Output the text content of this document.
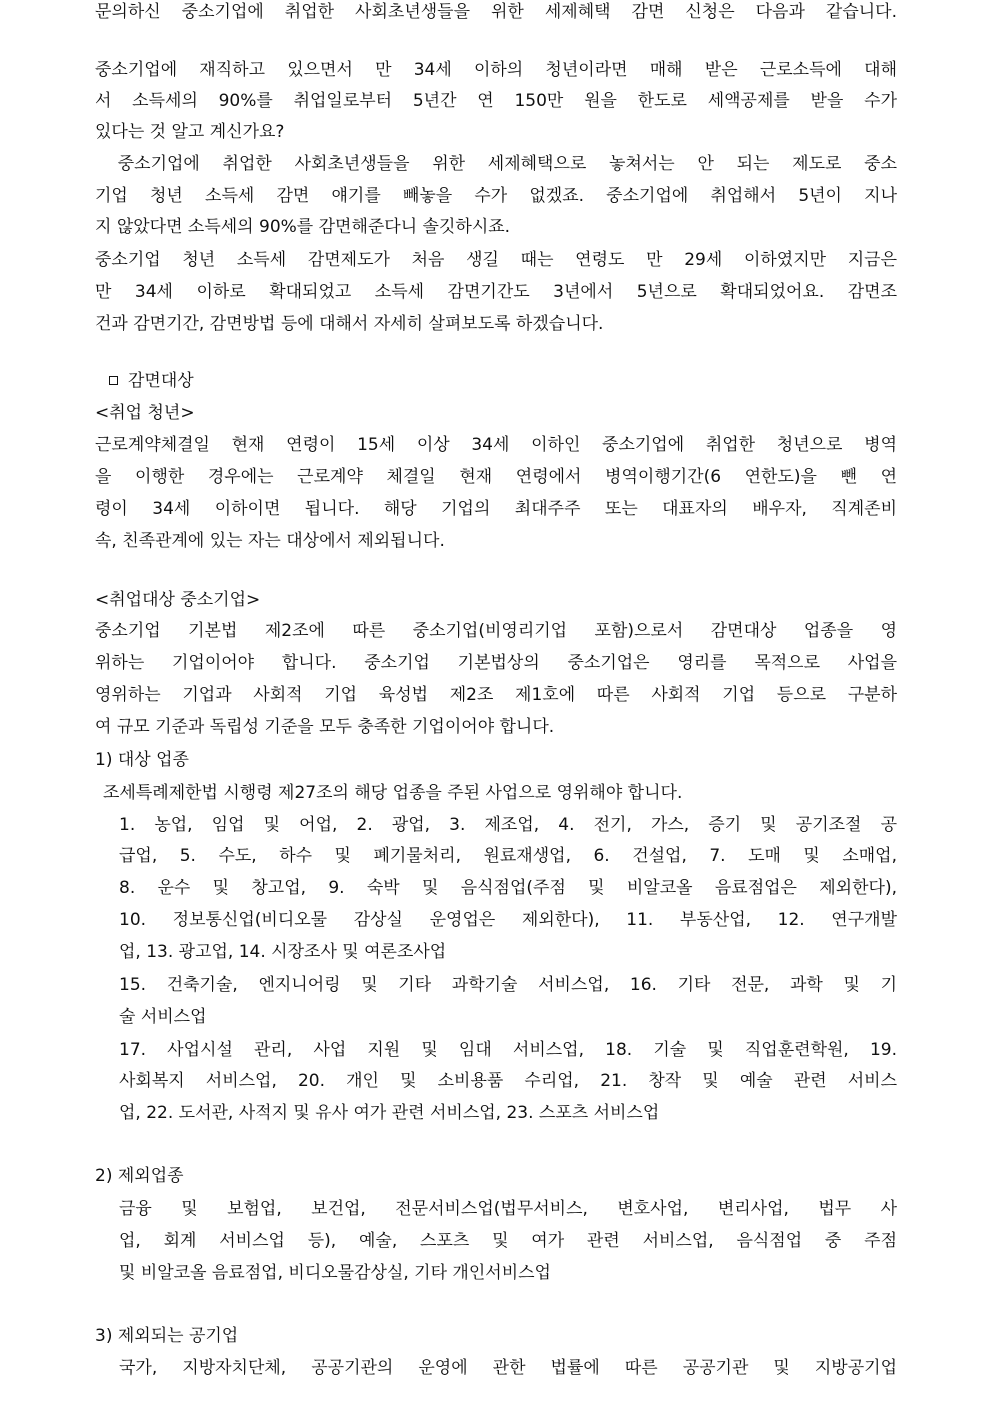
문의하신 중소기업에 취업한 사회초년생들을 위한 세제혜택 감면 신청은 다음과 같습니다.
중소기업에 재직하고 있으면서 만 34세 이하의 청년이라면 매해 받은 근로소득에 대해
서 소득세의 90%를 취업일로부터 5년간 연 150만 원을 한도로 세액공제를 받을 수가
있다는 것 알고 계신가요?
중소기업에 취업한 사회초년생들을 위한 세제혜택으로 놓쳐서는 안 되는 제도로 중소
기업 청년 소득세 감면 얘기를 빼놓을 수가 없겠죠. 중소기업에 취업해서 5년이 지나
지 않았다면 소득세의 90%를 감면해준다니 솔깃하시죠.
중소기업 청년 소득세 감면제도가 처음 생길 때는 연령도 만 29세 이하였지만 지금은
만 34세 이하로 확대되었고 소득세 감면기간도 3년에서 5년으로 확대되었어요. 감면조
건과 감면기간, 감면방법 등에 대해서 자세히 살펴보도록 하겠습니다.
감면대상
<취업 청년>
근로계약체결일 현재 연령이 15세 이상 34세 이하인 중소기업에 취업한 청년으로 병역
을 이행한 경우에는 근로계약 체결일 현재 연령에서 병역이행기간(6 연한도)을 뺀 연
령이 34세 이하이면 됩니다. 해당 기업의 최대주주 또는 대표자의 배우자, 직계존비
속, 친족관계에 있는 자는 대상에서 제외됩니다.
<취업대상 중소기업>
중소기업 기본법 제2조에 따른 중소기업(비영리기업 포함)으로서 감면대상 업종을 영
위하는 기업이어야 합니다. 중소기업 기본법상의 중소기업은 영리를 목적으로 사업을
영위하는 기업과 사회적 기업 육성법 제2조 제1호에 따른 사회적 기업 등으로 구분하
여 규모 기준과 독립성 기준을 모두 충족한 기업이어야 합니다.
1) 대상 업종
조세특례제한법 시행령 제27조의 해당 업종을 주된 사업으로 영위해야 합니다.
1. 농업, 임업 및 어업, 2. 광업, 3. 제조업, 4. 전기, 가스, 증기 및 공기조절 공
급업, 5. 수도, 하수 및 폐기물처리, 원료재생업, 6. 건설업, 7. 도매 및 소매업,
8. 운수 및 창고업, 9. 숙박 및 음식점업(주점 및 비알코올 음료점업은 제외한다),
10. 정보통신업(비디오물 감상실 운영업은 제외한다), 11. 부동산업, 12. 연구개발
업, 13. 광고업, 14. 시장조사 및 여론조사업
15. 건축기술, 엔지니어링 및 기타 과학기술 서비스업, 16. 기타 전문, 과학 및 기
술 서비스업
17. 사업시설 관리, 사업 지원 및 임대 서비스업, 18. 기술 및 직업훈련학원, 19.
사회복지 서비스업, 20. 개인 및 소비용품 수리업, 21. 창작 및 예술 관련 서비스
업, 22. 도서관, 사적지 및 유사 여가 관련 서비스업, 23. 스포츠 서비스업
2) 제외업종
금융 및 보험업, 보건업, 전문서비스업(법무서비스, 변호사업, 변리사업, 법무 사
업, 회계 서비스업 등), 예술, 스포츠 및 여가 관련 서비스업, 음식점업 중 주점
및 비알코올 음료점업, 비디오물감상실, 기타 개인서비스업
3) 제외되는 공기업
국가, 지방자치단체, 공공기관의 운영에 관한 법률에 따른 공공기관 및 지방공기업
